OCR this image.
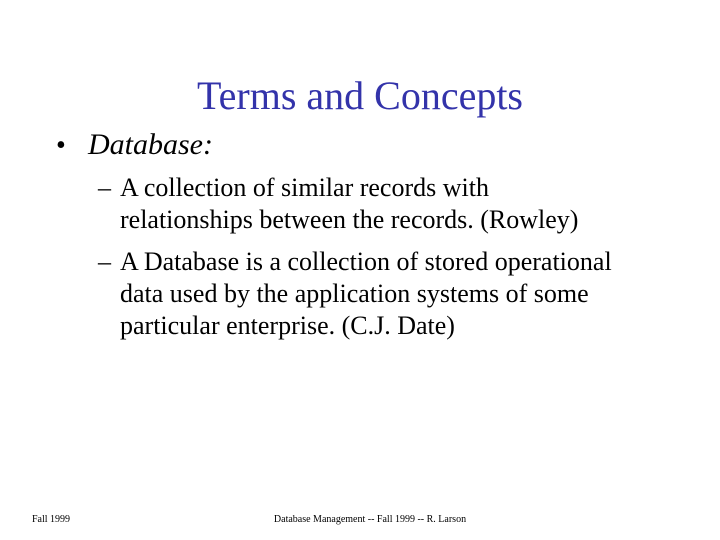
Terms and Concepts
• Database:
– A collection of similar records with
relationships between the records. (Rowley)
– A Database is a collection of stored operational
data used by the application systems of some
particular enterprise. (C.J. Date)
Fall 1999	Database Management -- Fall 1999 -- R. Larson
